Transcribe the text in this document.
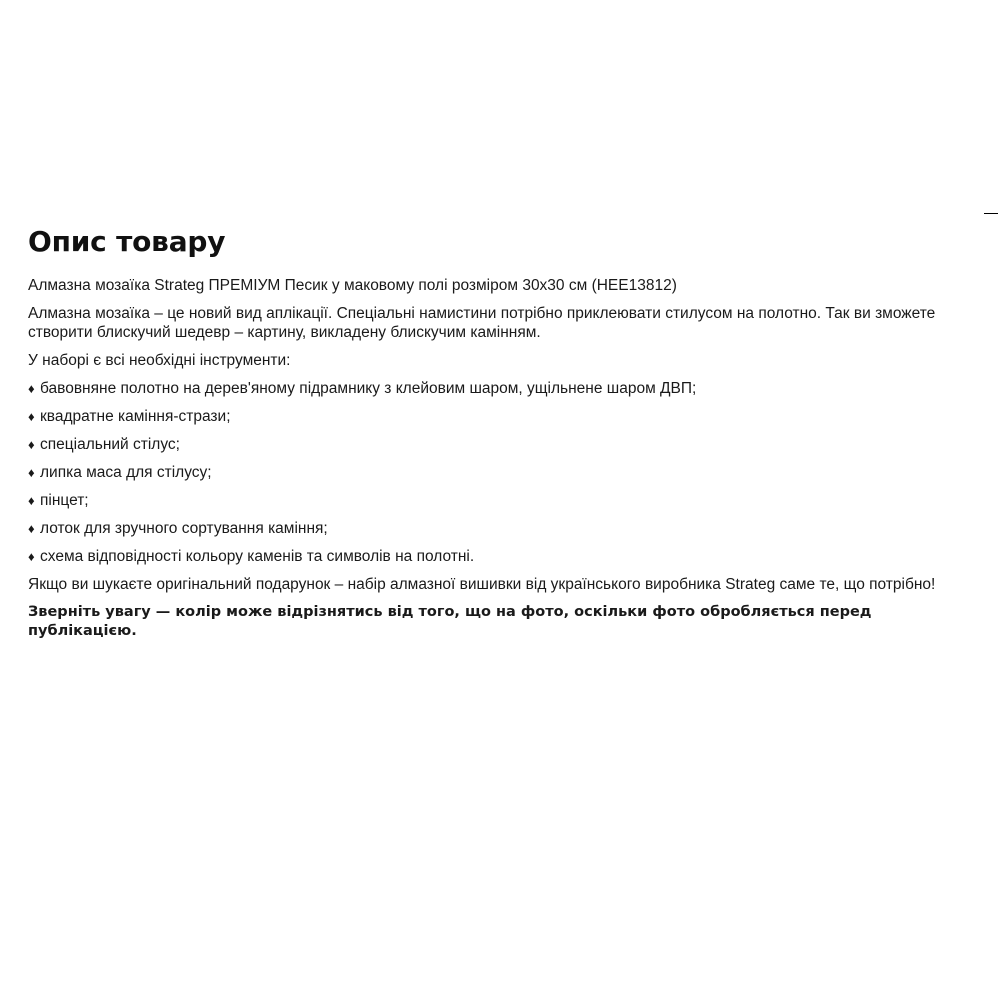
Опис товару

Алмазна мозаїка Strateg ПРЕМІУМ Песик у маковому полі розміром 30х30 см (HEE13812)

Алмазна мозаїка – це новий вид аплікації. Спеціальні намистини потрібно приклеювати стилусом на полотно. Так ви зможете створити блискучий шедевр – картину, викладену блискучим камінням.

У наборі є всі необхідні інструменти:

♦ бавовняне полотно на дерев'яному підрамнику з клейовим шаром, ущільнене шаром ДВП;
♦ квадратне каміння-стрази;
♦ спеціальний стілус;
♦ липка маса для стілусу;
♦ пінцет;
♦ лоток для зручного сортування каміння;
♦ схема відповідності кольору каменів та символів на полотні.

Якщо ви шукаєте оригінальний подарунок – набір алмазної вишивки від українського виробника Strateg саме те, що потрібно!

Зверніть увагу — колір може відрізнятись від того, що на фото, оскільки фото обробляється перед публікацією.
